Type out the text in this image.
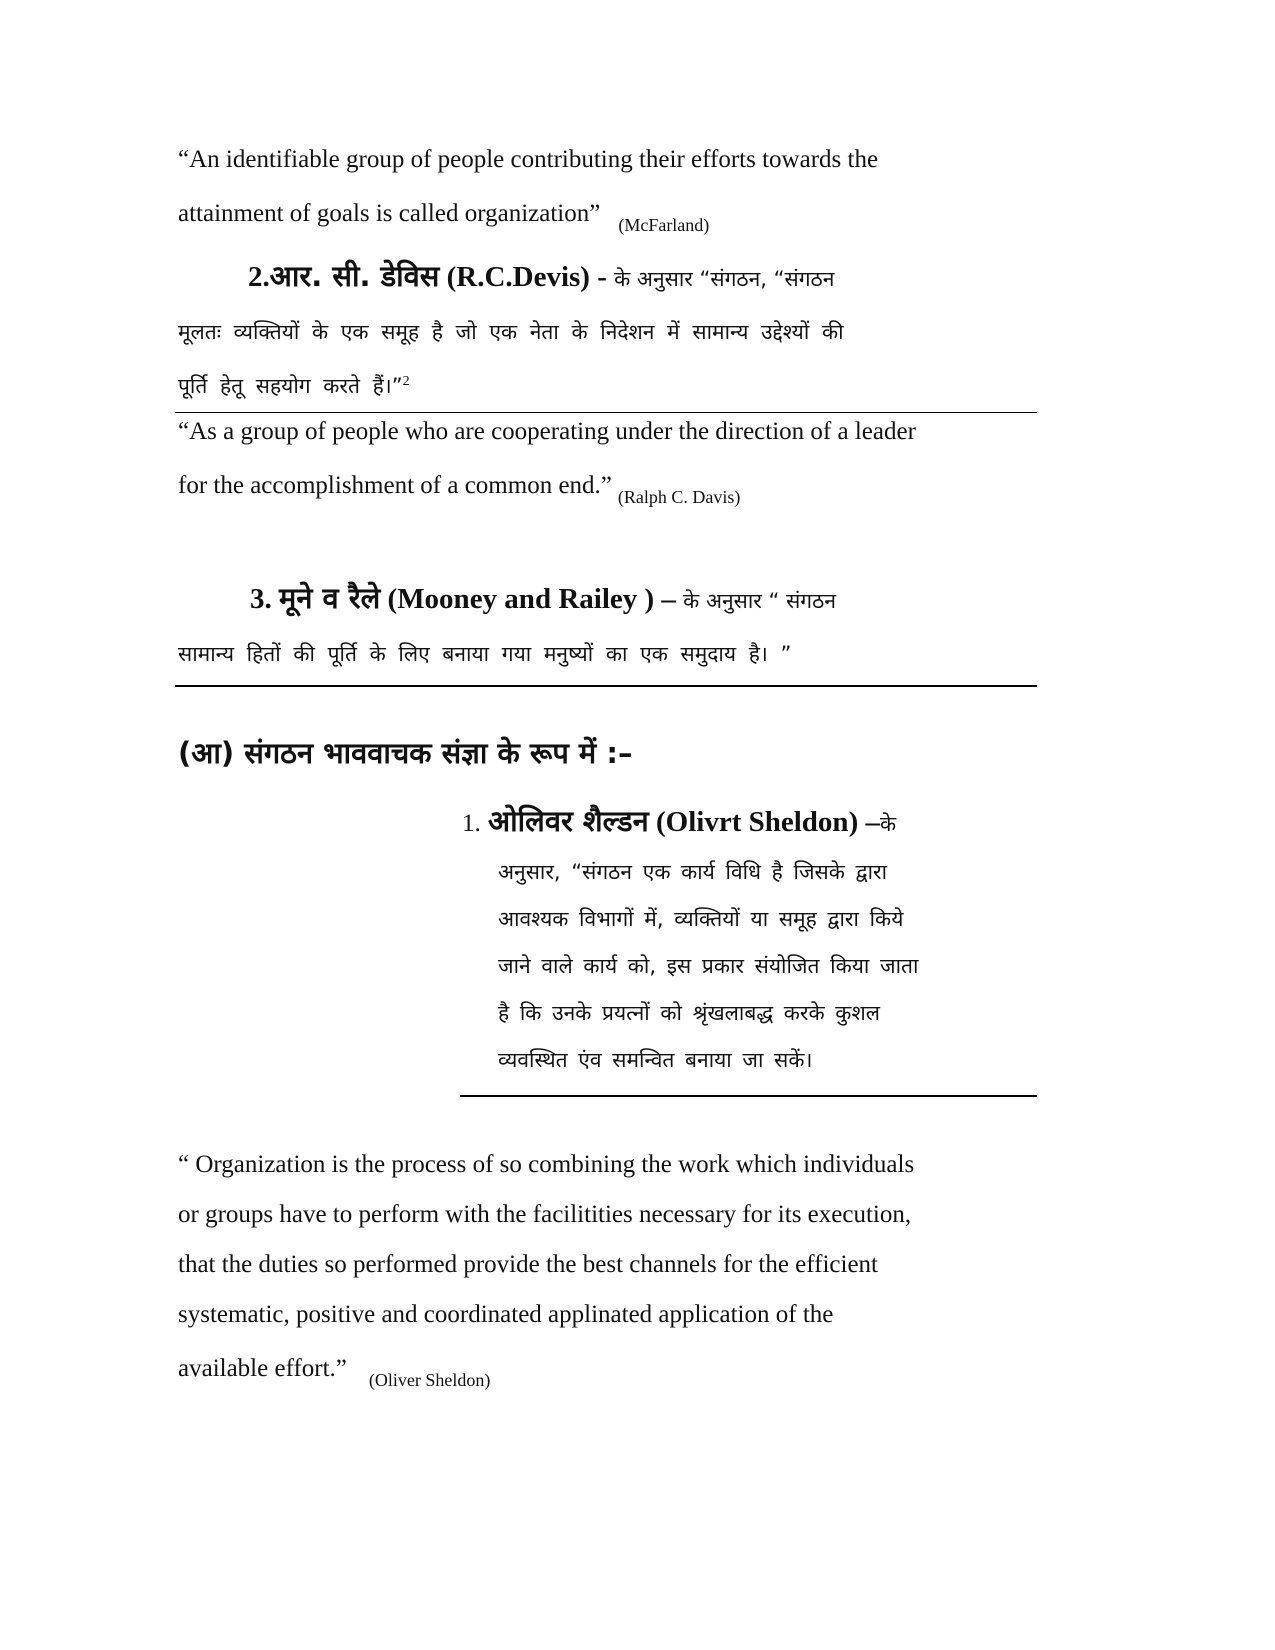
“An identifiable group of people contributing their efforts towards the

attainment of goals is called organization” $_{(McFarland)}$

2.आर. सी. डेविस (R.C.Devis) - के अनुसार “संगठन, “संगठन

मूलतः व्यक्तियों के एक समूह है जो एक नेता के निदेशन में सामान्य उद्देश्यों की

पूर्ति हेतू सहयोग करते हैं।”$^2$

“As a group of people who are cooperating under the direction of a leader

for the accomplishment of a common end.” $_{(Ralph C. Davis)}$

3. मूने व रैले (Mooney and Railey ) – के अनुसार “ संगठन

सामान्य हितों की पूर्ति के लिए बनाया गया मनुष्यों का एक समुदाय है। ”

(आ) संगठन भाववाचक संज्ञा के रूप में :–

1. ओलिवर शैल्डन (Olivrt Sheldon) –के

अनुसार, “संगठन एक कार्य विधि है जिसके द्वारा

आवश्यक विभागों में, व्यक्तियों या समूह द्वारा किये

जाने वाले कार्य को, इस प्रकार संयोजित किया जाता

है कि उनके प्रयत्नों को श्रृंखलाबद्ध करके कुशल

व्यवस्थित एंव समन्वित बनाया जा सकें।

“ Organization is the process of so combining the work which individuals

or groups have to perform with the facilitities necessary for its execution,

that the duties so performed provide the best channels for the efficient

systematic, positive and coordinated applinated application of the

available effort.” $_{(Oliver Sheldon)}$
